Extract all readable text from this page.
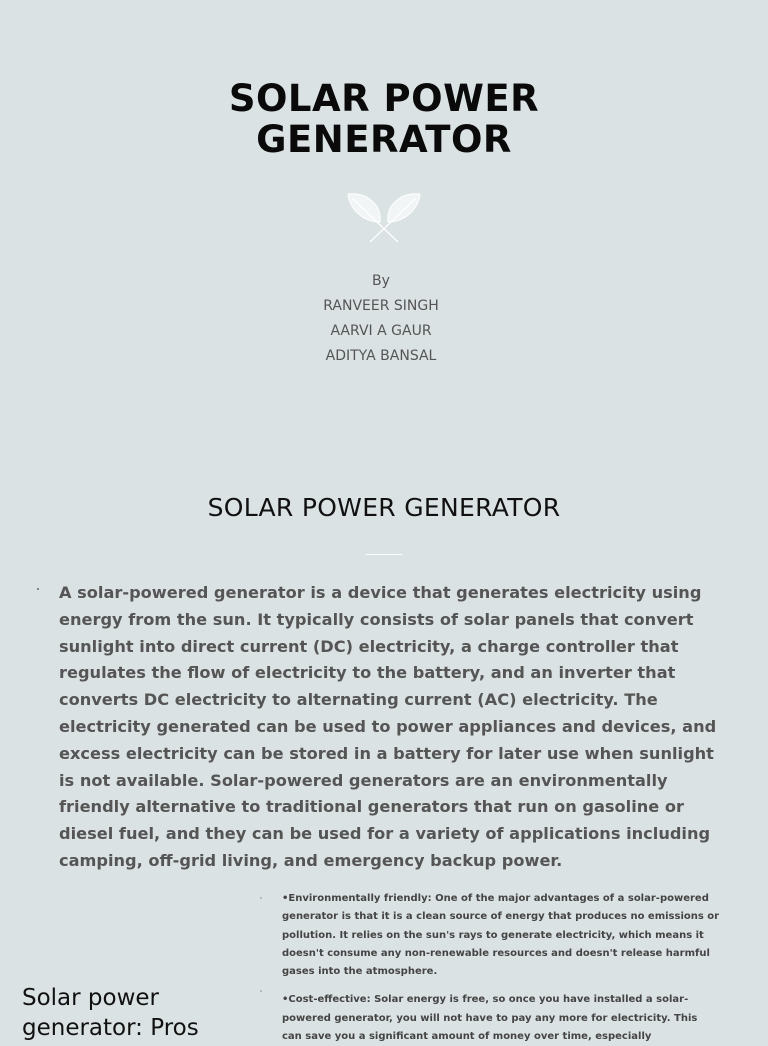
SOLAR POWER
GENERATOR
By
RANVEER SINGH
AARVI A GAUR
ADITYA BANSAL
SOLAR POWER GENERATOR
A solar-powered generator is a device that generates electricity using
energy from the sun. It typically consists of solar panels that convert
sunlight into direct current (DC) electricity, a charge controller that
regulates the flow of electricity to the battery, and an inverter that
converts DC electricity to alternating current (AC) electricity. The
electricity generated can be used to power appliances and devices, and
excess electricity can be stored in a battery for later use when sunlight
is not available. Solar-powered generators are an environmentally
friendly alternative to traditional generators that run on gasoline or
diesel fuel, and they can be used for a variety of applications including
camping, off-grid living, and emergency backup power.
•Environmentally friendly: One of the major advantages of a solar-powered
generator is that it is a clean source of energy that produces no emissions or
pollution. It relies on the sun's rays to generate electricity, which means it
doesn't consume any non-renewable resources and doesn't release harmful
gases into the atmosphere.
•Cost-effective: Solar energy is free, so once you have installed a solar-
powered generator, you will not have to pay any more for electricity. This
can save you a significant amount of money over time, especially
Solar power generator: Pros
